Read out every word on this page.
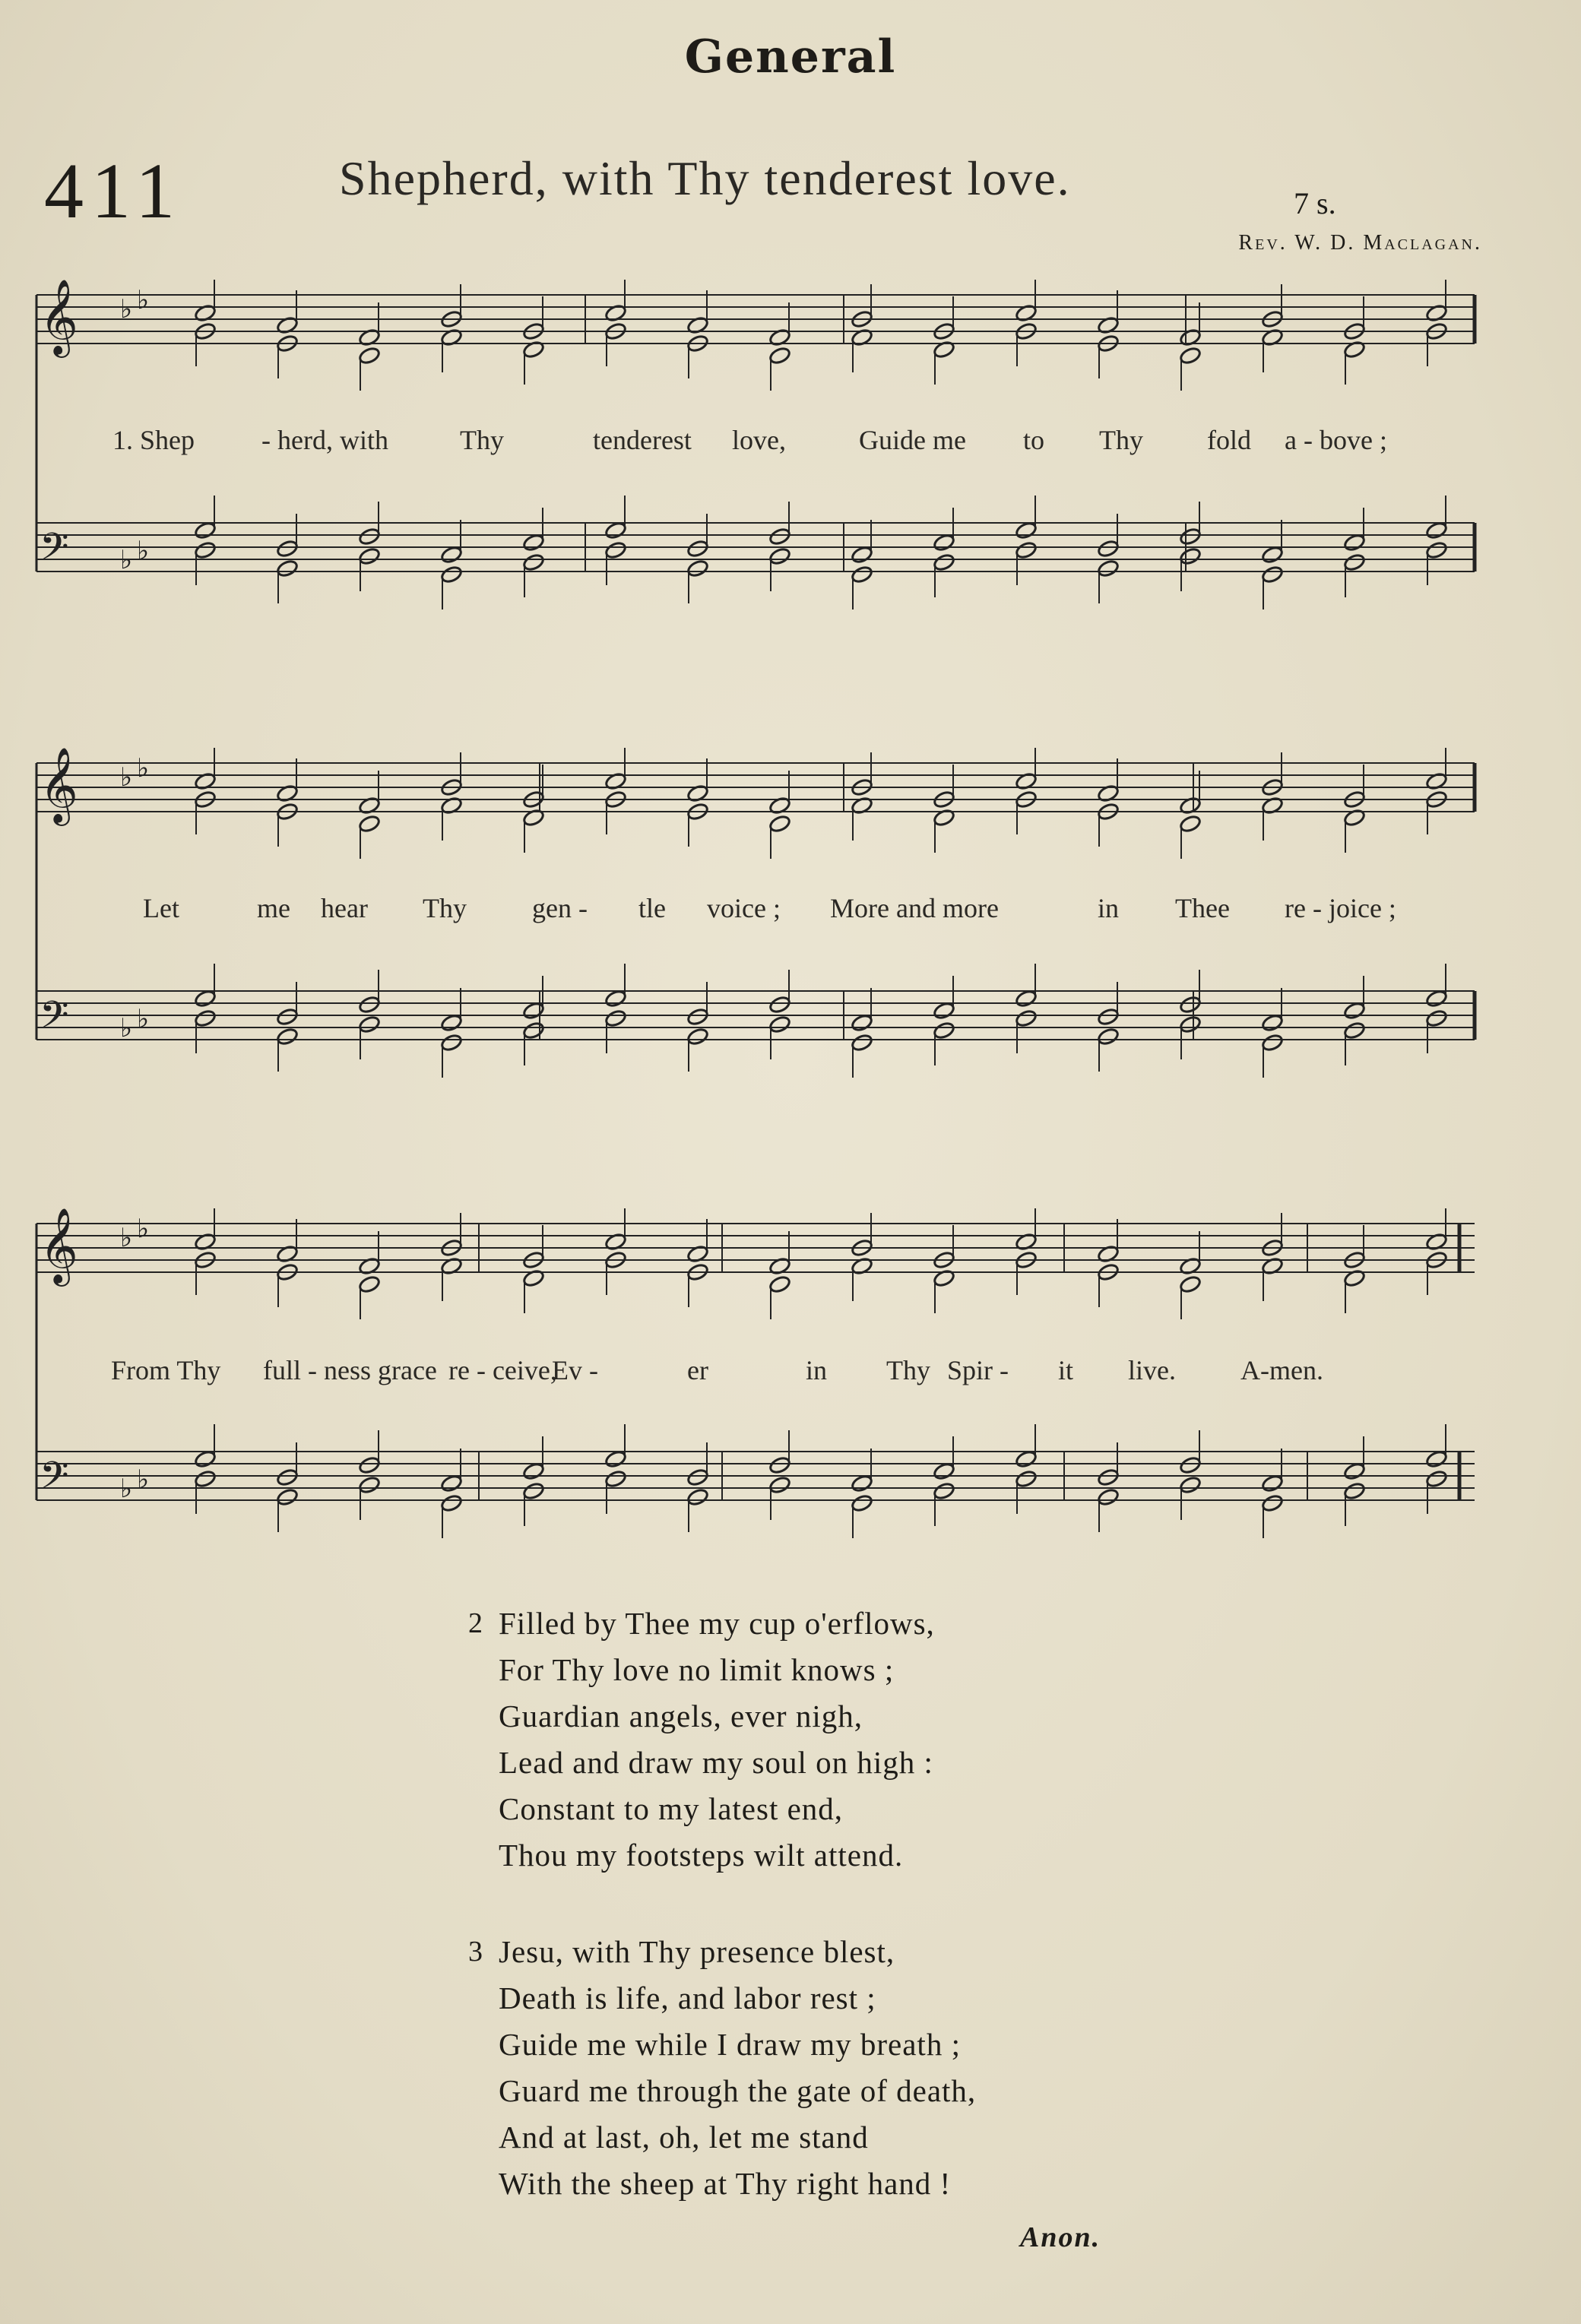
General
411	Shepherd, with Thy tenderest love.	7 s.
Rev. W. D. Maclagan.
𝄞 ♭ ♭
𝄢 ♭ ♭
1. Shep - herd, with	Thy	tenderest love,	Guide me to Thy fold a - bove ;
𝄞 ♭ ♭
𝄢 ♭ ♭
Let	me hear Thy gen - tle voice ; More and more	in Thee re - joice ;
𝄞 ♭ ♭
𝄢 ♭ ♭
From Thy full - ness grace re - ceive,
Ev -	er	in Thy Spir - it live. A-men.
2 Filled by Thee my cup o'erflows,
For Thy love no limit knows ;
Guardian angels, ever nigh,
Lead and draw my soul on high :
Constant to my latest end,
Thou my footsteps wilt attend.
3 Jesu, with Thy presence blest,
Death is life, and labor rest ;
Guide me while I draw my breath ;
Guard me through the gate of death,
And at last, oh, let me stand
With the sheep at Thy right hand !
Anon.
